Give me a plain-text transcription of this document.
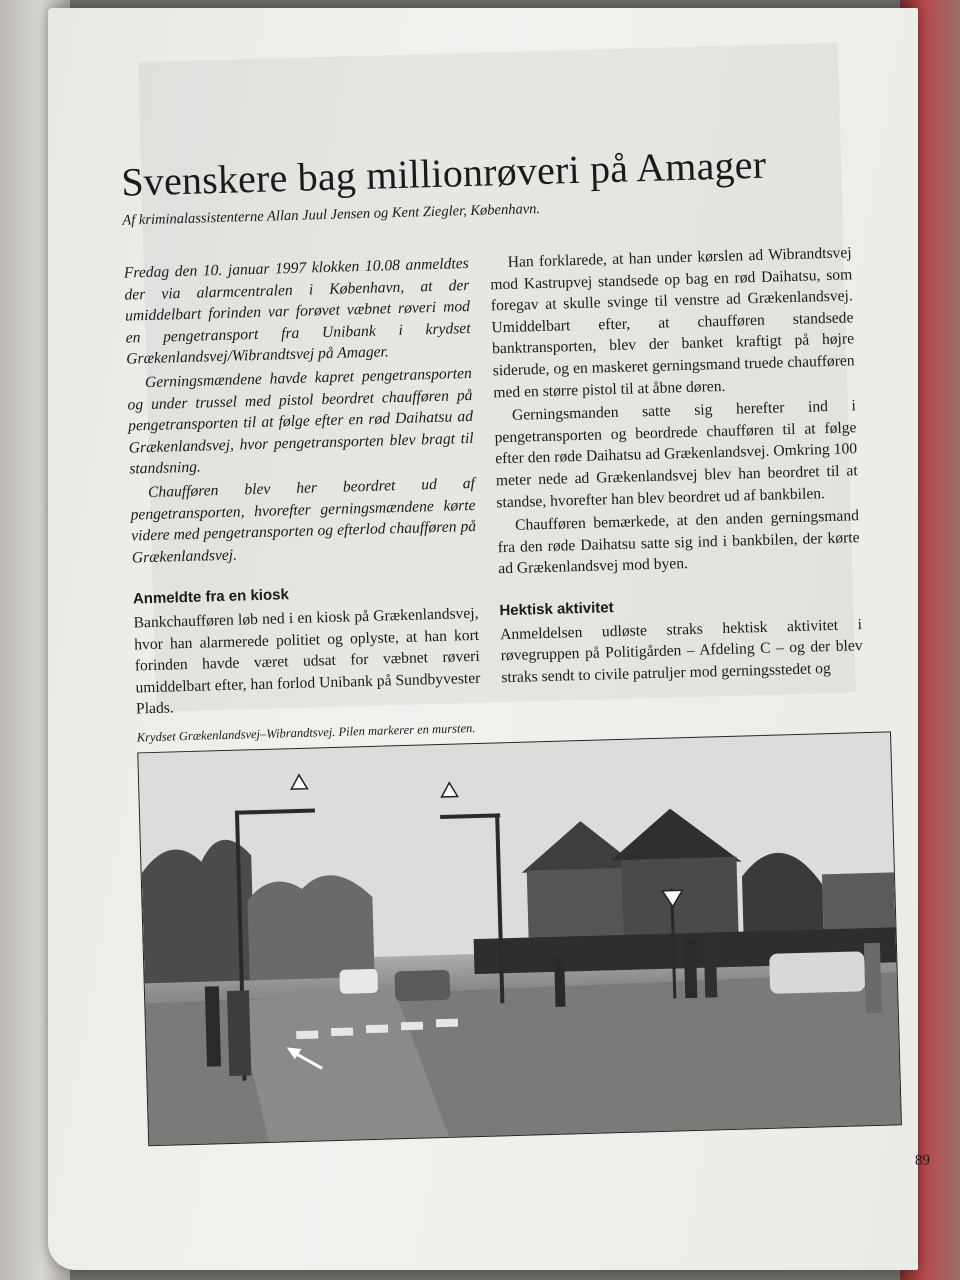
Svenskere bag millionrøveri på Amager
Af kriminalassistenterne Allan Juul Jensen og Kent Ziegler, København.

Fredag den 10. januar 1997 klokken 10.08 anmeldtes der via alarmcentralen i København, at der umiddelbart forinden var forøvet væbnet røveri mod en pengetransport fra Unibank i krydset Grækenlandsvej/Wibrandtsvej på Amager.

Gerningsmændene havde kapret pengetransporten og under trussel med pistol beordret chaufføren på pengetransporten til at følge efter en rød Daihatsu ad Grækenlandsvej, hvor pengetransporten blev bragt til standsning.

Chaufføren blev her beordret ud af pengetransporten, hvorefter gerningsmændene kørte videre med pengetransporten og efterlod chaufføren på Grækenlandsvej.

Anmeldte fra en kiosk

Bankchaufføren løb ned i en kiosk på Grækenlandsvej, hvor han alarmerede politiet og oplyste, at han kort forinden havde været udsat for væbnet røveri umiddelbart efter, han forlod Unibank på Sundbyvester Plads.

Han forklarede, at han under kørslen ad Wibrandtsvej mod Kastrupvej standsede op bag en rød Daihatsu, som foregav at skulle svinge til venstre ad Grækenlandsvej. Umiddelbart efter, at chaufføren standsede banktransporten, blev der banket kraftigt på højre siderude, og en maskeret gerningsmand truede chaufføren med en større pistol til at åbne døren.

Gerningsmanden satte sig herefter ind i pengetransporten og beordrede chaufføren til at følge efter den røde Daihatsu ad Grækenlandsvej. Omkring 100 meter nede ad Grækenlandsvej blev han beordret til at standse, hvorefter han blev beordret ud af bankbilen.

Chaufføren bemærkede, at den anden gerningsmand fra den røde Daihatsu satte sig ind i bankbilen, der kørte ad Grækenlandsvej mod byen.

Hektisk aktivitet

Anmeldelsen udløste straks hektisk aktivitet i røvegruppen på Politigården – Afdeling C – og der blev straks sendt to civile patruljer mod gerningsstedet og

Krydset Grækenlandsvej–Wibrandtsvej. Pilen markerer en mursten.
89
